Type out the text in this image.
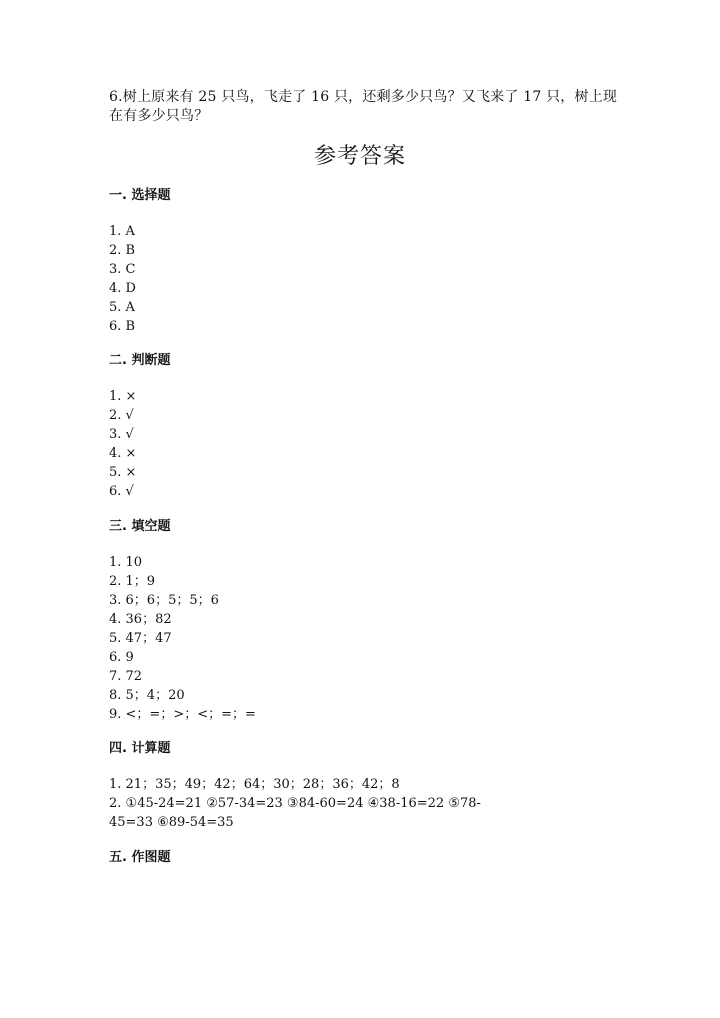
6.树上原来有 25 只鸟，飞走了 16 只，还剩多少只鸟？又飞来了 17 只，树上现
在有多少只鸟？
参考答案
一. 选择题
1. A
2. B
3. C
4. D
5. A
6. B
二. 判断题
1. ×
2. √
3. √
4. ×
5. ×
6. √
三. 填空题
1. 10
2. 1；9
3. 6；6；5；5；6
4. 36；82
5. 47；47
6. 9
7. 72
8. 5；4；20
9. <；=；>；<；=；=
四. 计算题
1. 21；35；49；42；64；30；28；36；42；8
2. ①45-24=21 ②57-34=23 ③84-60=24 ④38-16=22 ⑤78-
45=33 ⑥89-54=35
五. 作图题
